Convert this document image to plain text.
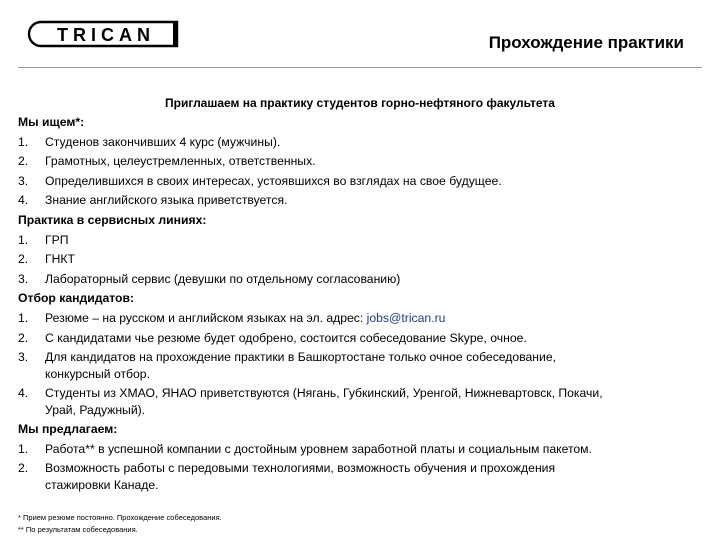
TRICAN	Прохождение практики
Приглашаем на практику студентов горно-нефтяного факультета
Мы ищем*:
1.	Студенов закончивших 4 курс (мужчины).
2.	Грамотных, целеустремленных, ответственных.
3.	Определившихся в своих интересах, устоявшихся во взглядах на свое будущее.
4.	Знание английского языка приветствуется.
Практика в сервисных линиях:
1.	ГРП
2.	ГНКТ
3.	Лабораторный сервис (девушки по отдельному согласованию)
Отбор кандидатов:
1.	Резюме – на русском и английском языках на эл. адрес: jobs@trican.ru
2.	С кандидатами чье резюме будет одобрено, состоится собеседование Skype, очное.
3.	Для кандидатов на прохождение практики в Башкортостане только очное собеседование,
конкурсный отбор.
4.	Студенты из ХМАО, ЯНАО приветствуются (Нягань, Губкинский, Уренгой, Нижневартовск, Покачи,
Урай, Радужный).
Мы предлагаем:
1.	Работа** в успешной компании с достойным уровнем заработной платы и социальным пакетом.
2.	Возможность работы с передовыми технологиями, возможность обучения и прохождения
стажировки Канаде.
* Прием резюме постоянно. Прохождение собеседования.
** По результатам собеседования.
